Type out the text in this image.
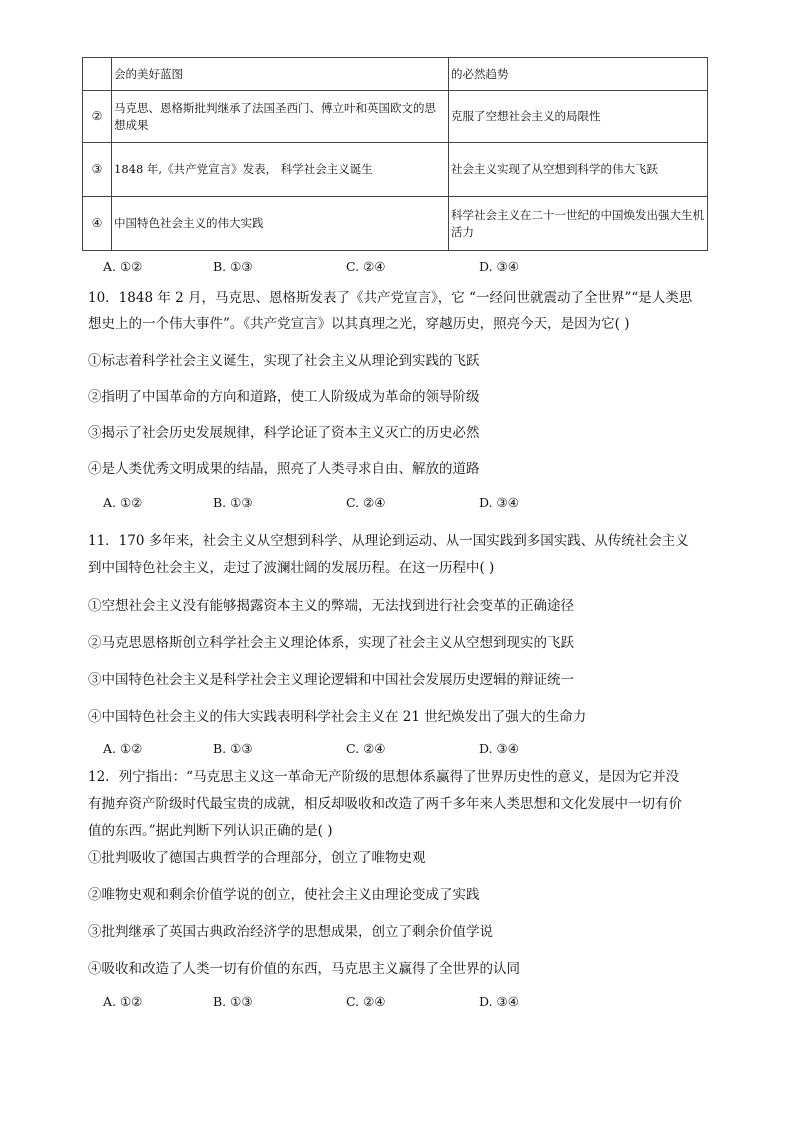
	会的美好蓝图	的必然趋势
②	马克思、恩格斯批判继承了法国圣西门、傅立叶和英国欧文的思想成果	克服了空想社会主义的局限性
③	1848 年,《共产党宣言》发表， 科学社会主义诞生	社会主义实现了从空想到科学的伟大飞跃
④	中国特色社会主义的伟大实践	科学社会主义在二十一世纪的中国焕发出强大生机活力
A. ①②	B. ①③	C. ②④	D. ③④
10．1848 年 2 月，马克思、恩格斯发表了《共产党宣言》，它 “一经问世就震动了全世界”“是人类思
想史上的一个伟大事件”。《共产党宣言》以其真理之光，穿越历史，照亮今天，是因为它( )
①标志着科学社会主义诞生，实现了社会主义从理论到实践的飞跃
②指明了中国革命的方向和道路，使工人阶级成为革命的领导阶级
③揭示了社会历史发展规律，科学论证了资本主义灭亡的历史必然
④是人类优秀文明成果的结晶，照亮了人类寻求自由、解放的道路
A. ①②	B. ①③	C. ②④	D. ③④
11．170 多年来，社会主义从空想到科学、从理论到运动、从一国实践到多国实践、从传统社会主义
到中国特色社会主义，走过了波澜壮阔的发展历程。在这一历程中( )
①空想社会主义没有能够揭露资本主义的弊端，无法找到进行社会变革的正确途径
②马克思恩格斯创立科学社会主义理论体系，实现了社会主义从空想到现实的飞跃
③中国特色社会主义是科学社会主义理论逻辑和中国社会发展历史逻辑的辩证统一
④中国特色社会主义的伟大实践表明科学社会主义在 21 世纪焕发出了强大的生命力
A. ①②	B. ①③	C. ②④	D. ③④
12．列宁指出：“马克思主义这一革命无产阶级的思想体系赢得了世界历史性的意义，是因为它并没
有抛弃资产阶级时代最宝贵的成就，相反却吸收和改造了两千多年来人类思想和文化发展中一切有价
值的东西。”据此判断下列认识正确的是( )
①批判吸收了德国古典哲学的合理部分，创立了唯物史观
②唯物史观和剩余价值学说的创立，使社会主义由理论变成了实践
③批判继承了英国古典政治经济学的思想成果，创立了剩余价值学说
④吸收和改造了人类一切有价值的东西，马克思主义赢得了全世界的认同
A. ①②	B. ①③	C. ②④	D. ③④
